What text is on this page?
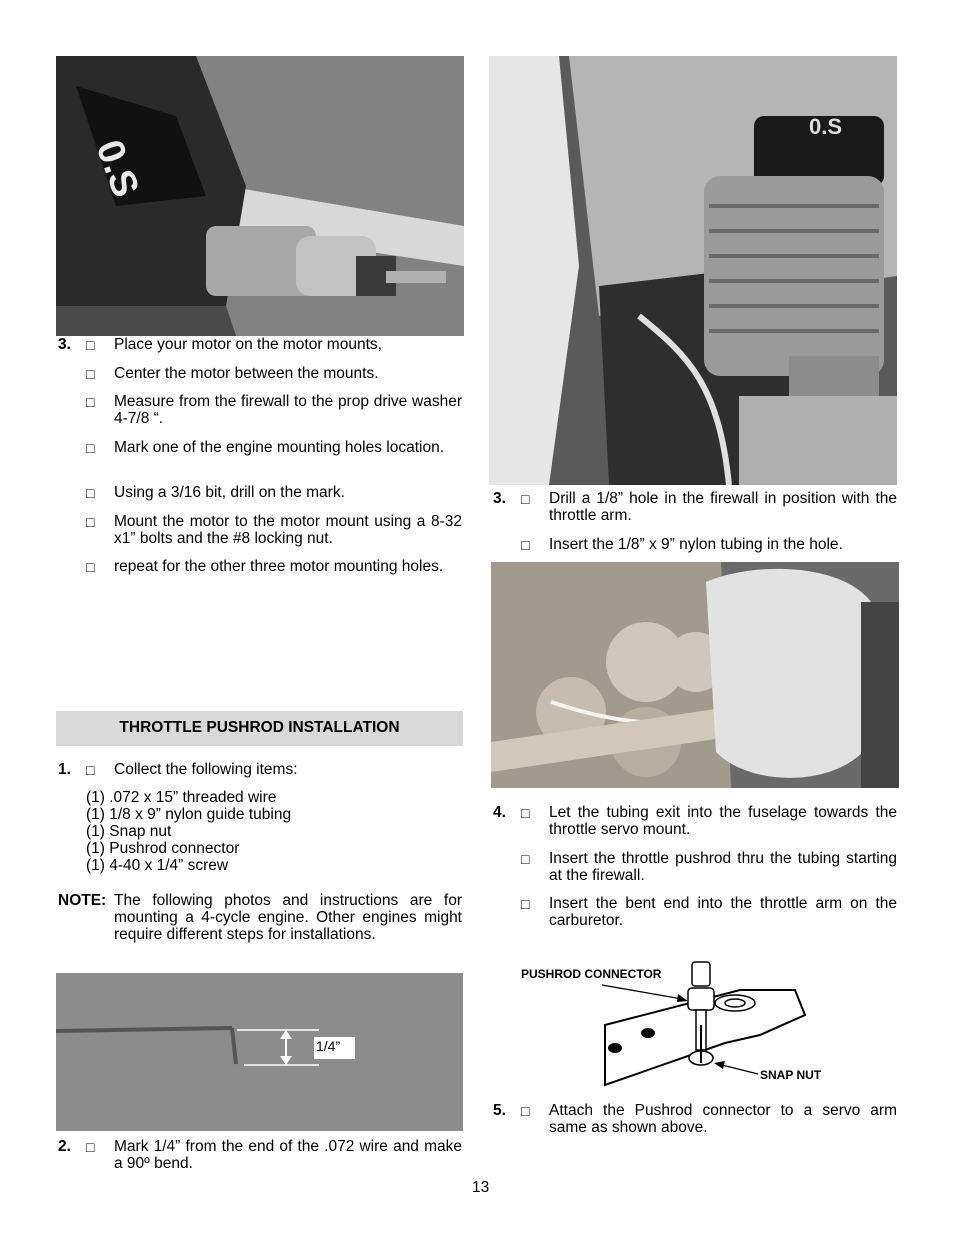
0.S
3. □ Place your motor on the motor mounts,
□ Center the motor between the mounts.
□ Measure from the firewall to the prop drive washer 4-7/8 “.
□ Mark one of the engine mounting holes location.
□ Using a 3/16 bit, drill on the mark.
□ Mount the motor to the motor mount using a 8-32 x1” bolts and the #8 locking nut.
□ repeat for the other three motor mounting holes.
THROTTLE PUSHROD INSTALLATION
1. □ Collect the following items:
(1) .072 x 15” threaded wire
(1) 1/8 x 9” nylon guide tubing
(1) Snap nut
(1) Pushrod connector
(1) 4-40 x 1/4” screw
NOTE: The following photos and instructions are for mounting a 4-cycle engine. Other engines might require different steps for installations.
1/4”
2. □ Mark 1/4” from the end of the .072 wire and make a 90º bend.
0.S
3. □ Drill a 1/8” hole in the firewall in position with the throttle arm.
□ Insert the 1/8” x 9” nylon tubing in the hole.
4. □ Let the tubing exit into the fuselage towards the throttle servo mount.
□ Insert the throttle pushrod thru the tubing starting at the firewall.
□ Insert the bent end into the throttle arm on the carburetor.
PUSHROD CONNECTOR
SNAP NUT
5. □ Attach the Pushrod connector to a servo arm same as shown above.
13
